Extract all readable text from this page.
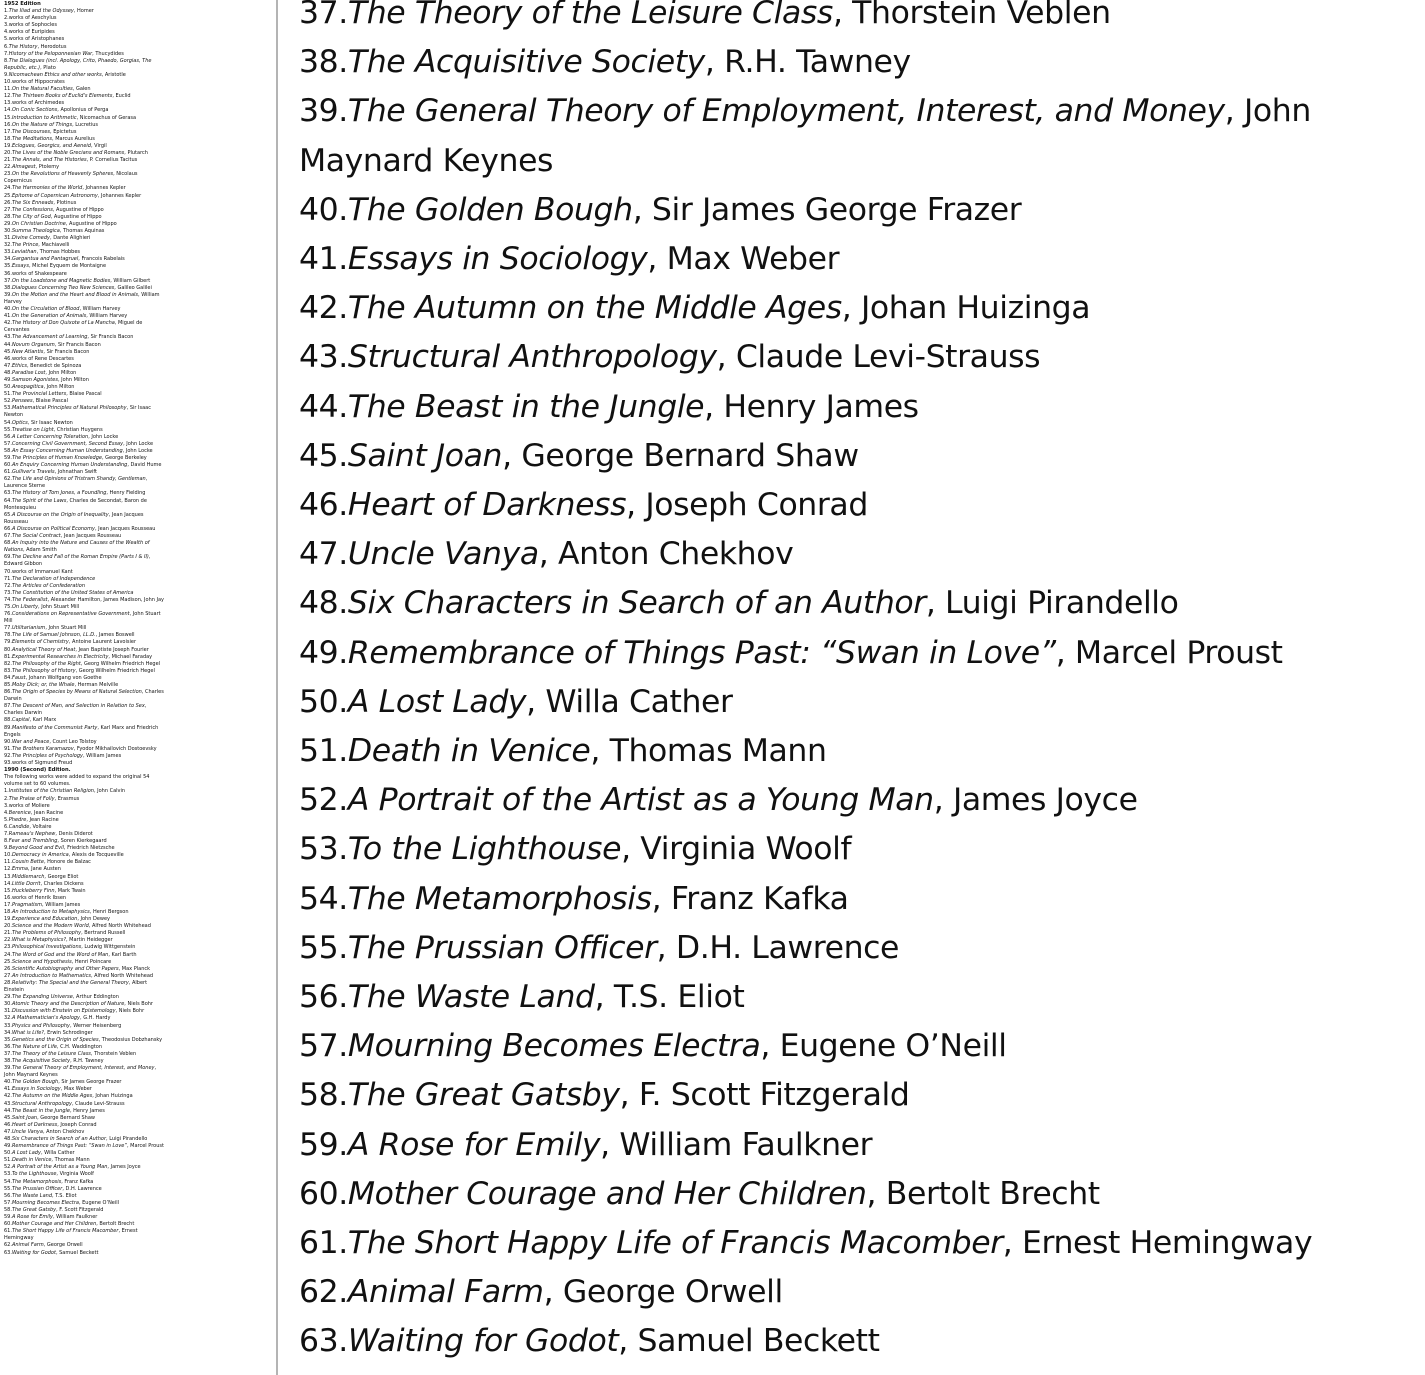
1952 Edition
1.The Iliad and the Odyssey, Homer
2.works of Aeschylus
3.works of Sophocles
4.works of Euripides
5.works of Aristophanes
6.The History, Herodotus
7.History of the Peloponnesian War, Thucydides
8.The Dialogues (incl. Apology, Crito, Phaedo, Gorgias, The Republic, etc.), Plato
9.Nicomachean Ethics and other works, Aristotle
10.works of Hippocrates
11.On the Natural Faculties, Galen
12.The Thirteen Books of Euclid's Elements, Euclid
13.works of Archimedes
14.On Conic Sections, Apollonius of Perga
15.Introduction to Arithmetic, Nicomachus of Gerasa
16.On the Nature of Things, Lucretius
17.The Discourses, Epictetus
18.The Meditations, Marcus Aurelius
19.Eclogues, Georgics, and Aeneid, Virgil
20.The Lives of the Noble Grecians and Romans, Plutarch
21.The Annals, and The Histories, P. Cornelius Tacitus
22.Almagest, Ptolemy
23.On the Revolutions of Heavenly Spheres, Nicolaus Copernicus
24.The Harmonies of the World, Johannes Kepler
25.Epitome of Copernican Astronomy, Johannes Kepler
26.The Six Enneads, Plotinus
27.The Confessions, Augustine of Hippo
28.The City of God, Augustine of Hippo
29.On Christian Doctrine, Augustine of Hippo
30.Summa Theologica, Thomas Aquinas
31.Divine Comedy, Dante Alighieri
32.The Prince, Machiavelli
33.Leviathan, Thomas Hobbes
34.Gargantua and Pantagruel, Francois Rabelais
35.Essays, Michel Eyquem de Montaigne
36.works of Shakespeare
37.On the Loadstone and Magnetic Bodies, William Gilbert
38.Dialogues Concerning Two New Sciences, Galileo Galilei
39.On the Motion and the Heart and Blood in Animals, William Harvey
40.On the Circulation of Blood, William Harvey
41.On the Generation of Animals, William Harvey
42.The History of Don Quixote of La Mancha, Miguel de Cervantes
43.The Advancement of Learning, Sir Francis Bacon
44.Novum Organum, Sir Francis Bacon
45.New Atlantis, Sir Francis Bacon
46.works of Rene Descartes
47.Ethics, Benedict de Spinoza
48.Paradise Lost, John Milton
49.Samson Agonistes, John Milton
50.Areopagitica, John Milton
51.The Provincial Letters, Blaise Pascal
52.Pensees, Blaise Pascal
53.Mathematical Principles of Natural Philosophy, Sir Isaac Newton
54.Optics, Sir Isaac Newton
55.Treatise on Light, Christian Huygens
56.A Letter Concerning Toleration, John Locke
57.Concerning Civil Government, Second Essay, John Locke
58.An Essay Concerning Human Understanding, John Locke
59.The Principles of Human Knowledge, George Berkeley
60.An Enquiry Concerning Human Understanding, David Hume
61.Gulliver's Travels, Johnathan Swift
62.The Life and Opinions of Tristram Shandy, Gentleman, Laurence Sterne
63.The History of Tom Jones, a Foundling, Henry Fielding
64.The Spirit of the Laws, Charles de Secondat, Baron de Montesquieu
65.A Discourse on the Origin of Inequality, Jean Jacques Rousseau
66.A Discourse on Political Economy, Jean Jacques Rousseau
67.The Social Contract, Jean Jacques Rousseau
68.An Inquiry into the Nature and Causes of the Wealth of Nations, Adam Smith
69.The Decline and Fall of the Roman Empire (Parts I & II), Edward Gibbon
70.works of Immanuel Kant
71.The Declaration of Independence
72.The Articles of Confederation
73.The Constitution of the United States of America
74.The Federalist, Alexander Hamilton, James Madison, John Jay
75.On Liberty, John Stuart Mill
76.Considerations on Representative Government, John Stuart Mill
77.Utilitarianism, John Stuart Mill
78.The Life of Samuel Johnson, LL.D., James Boswell
79.Elements of Chemistry, Antoine Laurent Lavoisier
80.Analytical Theory of Heat, Jean Baptiste Joseph Fourier
81.Experimental Researches in Electricity, Michael Faraday
82.The Philosophy of the Right, Georg Wilhelm Friedrich Hegel
83.The Philosophy of History, Georg Wilhelm Friedrich Hegel
84.Faust, Johann Wolfgang von Goethe
85.Moby Dick; or, the Whale, Herman Melville
86.The Origin of Species by Means of Natural Selection, Charles Darwin
87.The Descent of Man, and Selection in Relation to Sex, Charles Darwin
88.Capital, Karl Marx
89.Manifesto of the Communist Party, Karl Marx and Friedrich Engels
90.War and Peace, Count Leo Tolstoy
91.The Brothers Karamazov, Fyodor Mikhailovich Dostoevsky
92.The Principles of Psychology, William James
93.works of Sigmund Freud
1990 (Second) Edition.
The following works were added to expand the original 54 volume set to 60 volumes.
1.Institutes of the Christian Religion, John Calvin
2.The Praise of Folly, Erasmus
3.works of Moliere
4.Berenice, Jean Racine
5.Phedre, Jean Racine
6.Candide, Voltaire
7.Rameau's Nephew, Denis Diderot
8.Fear and Trembling, Soren Kierkegaard
9.Beyond Good and Evil, Friedrich Nietzsche
10.Democracy in America, Alexis de Tocqueville
11.Cousin Bette, Honore de Balzac
12.Emma, Jane Austen
13.Middlemarch, George Eliot
14.Little Dorrit, Charles Dickens
15.Huckleberry Finn, Mark Twain
16.works of Henrik Ibsen
17.Pragmatism, William James
18.An Introduction to Metaphysics, Henri Bergson
19.Experience and Education, John Dewey
20.Science and the Modern World, Alfred North Whitehead
21.The Problems of Philosophy, Bertrand Russell
22.What is Metaphysics?, Martin Heidegger
23.Philosophical Investigations, Ludwig Wittgenstein
24.The Word of God and the Word of Man, Karl Barth
25.Science and Hypothesis, Henri Poincare
26.Scientific Autobiography and Other Papers, Max Planck
27.An Introduction to Mathematics, Alfred North Whitehead
28.Relativity: The Special and the General Theory, Albert Einstein
29.The Expanding Universe, Arthur Eddington
30.Atomic Theory and the Description of Nature, Niels Bohr
31.Discussion with Einstein on Epistemology, Niels Bohr
32.A Mathematician's Apology, G.H. Hardy
33.Physics and Philosophy, Werner Heisenberg
34.What is Life?, Erwin Schrodinger
35.Genetics and the Origin of Species, Theodosius Dobzhansky
36.The Nature of Life, C.H. Waddington
37.The Theory of the Leisure Class, Thorstein Veblen
38.The Acquisitive Society, R.H. Tawney
39.The General Theory of Employment, Interest, and Money, John Maynard Keynes
40.The Golden Bough, Sir James George Frazer
41.Essays in Sociology, Max Weber
42.The Autumn on the Middle Ages, Johan Huizinga
43.Structural Anthropology, Claude Levi-Strauss
44.The Beast in the Jungle, Henry James
45.Saint Joan, George Bernard Shaw
46.Heart of Darkness, Joseph Conrad
47.Uncle Vanya, Anton Chekhov
48.Six Characters in Search of an Author, Luigi Pirandello
49.Remembrance of Things Past: “Swan in Love”, Marcel Proust
50.A Lost Lady, Willa Cather
51.Death in Venice, Thomas Mann
52.A Portrait of the Artist as a Young Man, James Joyce
53.To the Lighthouse, Virginia Woolf
54.The Metamorphosis, Franz Kafka
55.The Prussian Officer, D.H. Lawrence
56.The Waste Land, T.S. Eliot
57.Mourning Becomes Electra, Eugene O’Neill
58.The Great Gatsby, F. Scott Fitzgerald
59.A Rose for Emily, William Faulkner
60.Mother Courage and Her Children, Bertolt Brecht
61.The Short Happy Life of Francis Macomber, Ernest Hemingway
62.Animal Farm, George Orwell
63.Waiting for Godot, Samuel Beckett
37.The Theory of the Leisure Class, Thorstein Veblen
38.The Acquisitive Society, R.H. Tawney
39.The General Theory of Employment, Interest, and Money, John Maynard Keynes
40.The Golden Bough, Sir James George Frazer
41.Essays in Sociology, Max Weber
42.The Autumn on the Middle Ages, Johan Huizinga
43.Structural Anthropology, Claude Levi-Strauss
44.The Beast in the Jungle, Henry James
45.Saint Joan, George Bernard Shaw
46.Heart of Darkness, Joseph Conrad
47.Uncle Vanya, Anton Chekhov
48.Six Characters in Search of an Author, Luigi Pirandello
49.Remembrance of Things Past: “Swan in Love”, Marcel Proust
50.A Lost Lady, Willa Cather
51.Death in Venice, Thomas Mann
52.A Portrait of the Artist as a Young Man, James Joyce
53.To the Lighthouse, Virginia Woolf
54.The Metamorphosis, Franz Kafka
55.The Prussian Officer, D.H. Lawrence
56.The Waste Land, T.S. Eliot
57.Mourning Becomes Electra, Eugene O’Neill
58.The Great Gatsby, F. Scott Fitzgerald
59.A Rose for Emily, William Faulkner
60.Mother Courage and Her Children, Bertolt Brecht
61.The Short Happy Life of Francis Macomber, Ernest Hemingway
62.Animal Farm, George Orwell
63.Waiting for Godot, Samuel Beckett
